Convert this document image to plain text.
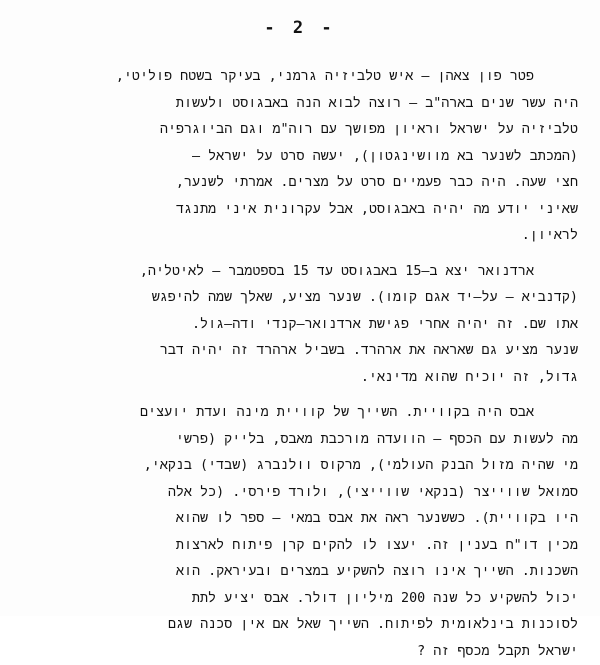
- 2 -

פטר פון צאהן – איש טלביזיה גרמני, בעיקר בשטח פוליטי,
היה עשר שנים בארה"ב – רוצה לבוא הנה באבגוסט ולעשות
טלביזיה על ישראל וראיון מפושך עם רוה"מ וגם הביוגרפיה
(המכתב לשנער בא מוושינגטון), יעשה סרט על ישראל –
חצי שעה. היה כבר פעמיים סרט על מצרים. אמרתי לשנער,
שאיני יודע מה יהיה באבגוסט, אבל עקרונית איני מתנגד
לראיון.

ארדנואר יצא ב–15 באבגוסט עד 15 בספטמבר – לאיטליה,
(קדנביא – על–יד אגם קומו). שנער מציע, שאלך שמה להיפגש
אתו שם. זה יהיה אחרי פגישת ארדנואר–קנדי ודה–גול.
שנער מציע גם שאראה את ארהרד. בשביל ארהרד זה יהיה דבר
גדול, זה יוכיח שהוא מדינאי.

אבס היה בקוויית. השייך של קוויית מינה ועדת יועצים
מה לעשות עם הכסף – הוועדה מורכבת מאבס, בלייק (פרשי
מי שהיה מזול הבנק העולמי), מרקוס וולנברג (שבדי) בנקאי,
סמואל שווייצר (בנקאי שווייצי), ולורד פירסי. (כל אלה
היו בקוויית). כששנער ראה את אבס במאי – ספר לו שהוא
מכין דו"ח בענין זה. יעצו לו להקים קרן פיתוח לארצות
השכנות. השייך אינו רוצה להשקיע במצרים ובעיראק. הוא
יכול להשקיע כל שנה 200 מיליון דולר. אבס יציע לתת
לסוכנות בינלאומית לפיתוח. השייך שאל אם אין סכנה שגם
ישראל תקבל מכסף זה ?
